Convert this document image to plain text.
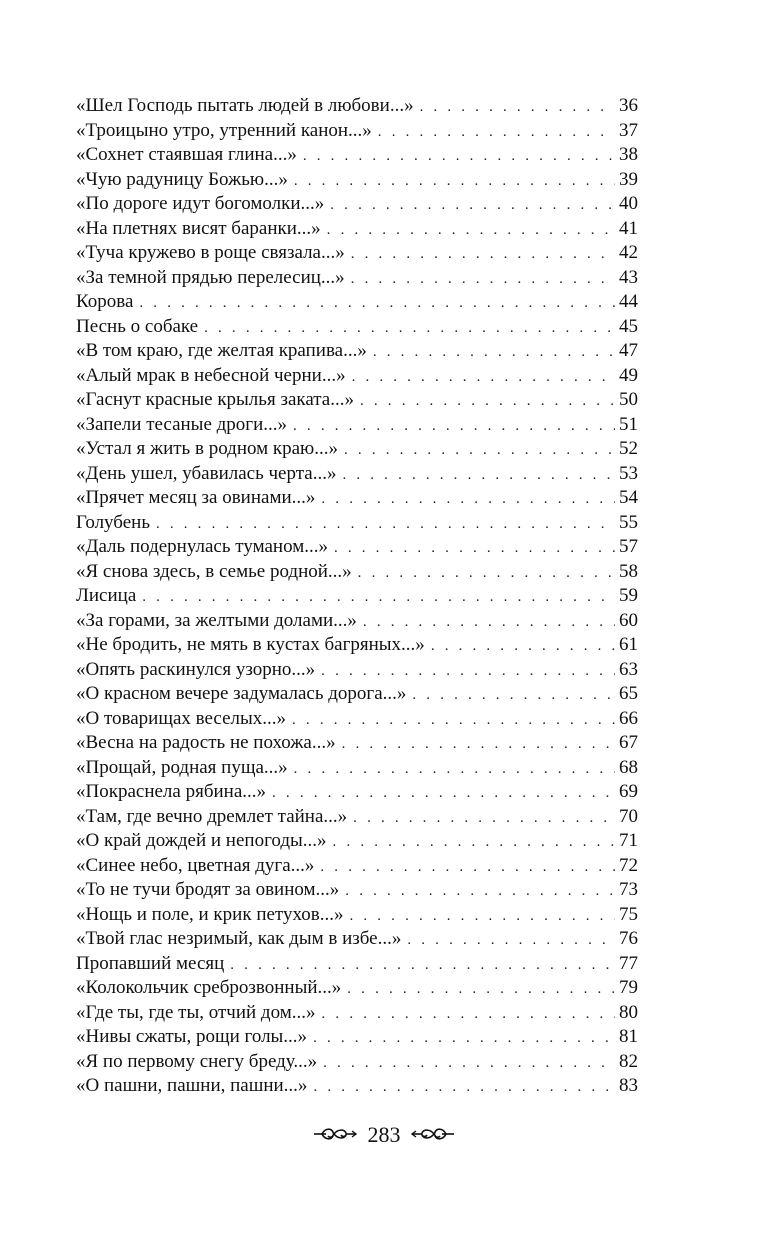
«Шел Господь пытать людей в любови...» . . .	36
«Троицыно утро, утренний канон...» . . .	37
«Сохнет стаявшая глина...» . . .	38
«Чую радуницу Божью...» . . .	39
«По дороге идут богомолки...» . . .	40
«На плетнях висят баранки...» . . .	41
«Туча кружево в роще связала...» . . .	42
«За темной прядью перелесиц...» . . .	43
Корова . . .	44
Песнь о собаке . . .	45
«В том краю, где желтая крапива...» . . .	47
«Алый мрак в небесной черни...» . . .	49
«Гаснут красные крылья заката...» . . .	50
«Запели тесаные дроги...» . . .	51
«Устал я жить в родном краю...» . . .	52
«День ушел, убавилась черта...» . . .	53
«Прячет месяц за овинами...» . . .	54
Голубень . . .	55
«Даль подернулась туманом...» . . .	57
«Я снова здесь, в семье родной...» . . .	58
Лисица . . .	59
«За горами, за желтыми долами...» . . .	60
«Не бродить, не мять в кустах багряных...» . . .	61
«Опять раскинулся узорно...» . . .	63
«О красном вечере задумалась дорога...» . . .	65
«О товарищах веселых...» . . .	66
«Весна на радость не похожа...» . . .	67
«Прощай, родная пуща...» . . .	68
«Покраснела рябина...» . . .	69
«Там, где вечно дремлет тайна...» . . .	70
«О край дождей и непогоды...» . . .	71
«Синее небо, цветная дуга...» . . .	72
«То не тучи бродят за овином...» . . .	73
«Нощь и поле, и крик петухов...» . . .	75
«Твой глас незримый, как дым в избе...» . . .	76
Пропавший месяц . . .	77
«Колокольчик среброзвонный...» . . .	79
«Где ты, где ты, отчий дом...» . . .	80
«Нивы сжаты, рощи голы...» . . .	81
«Я по первому снегу бреду...» . . .	82
«О пашни, пашни, пашни...» . . .	83
283
